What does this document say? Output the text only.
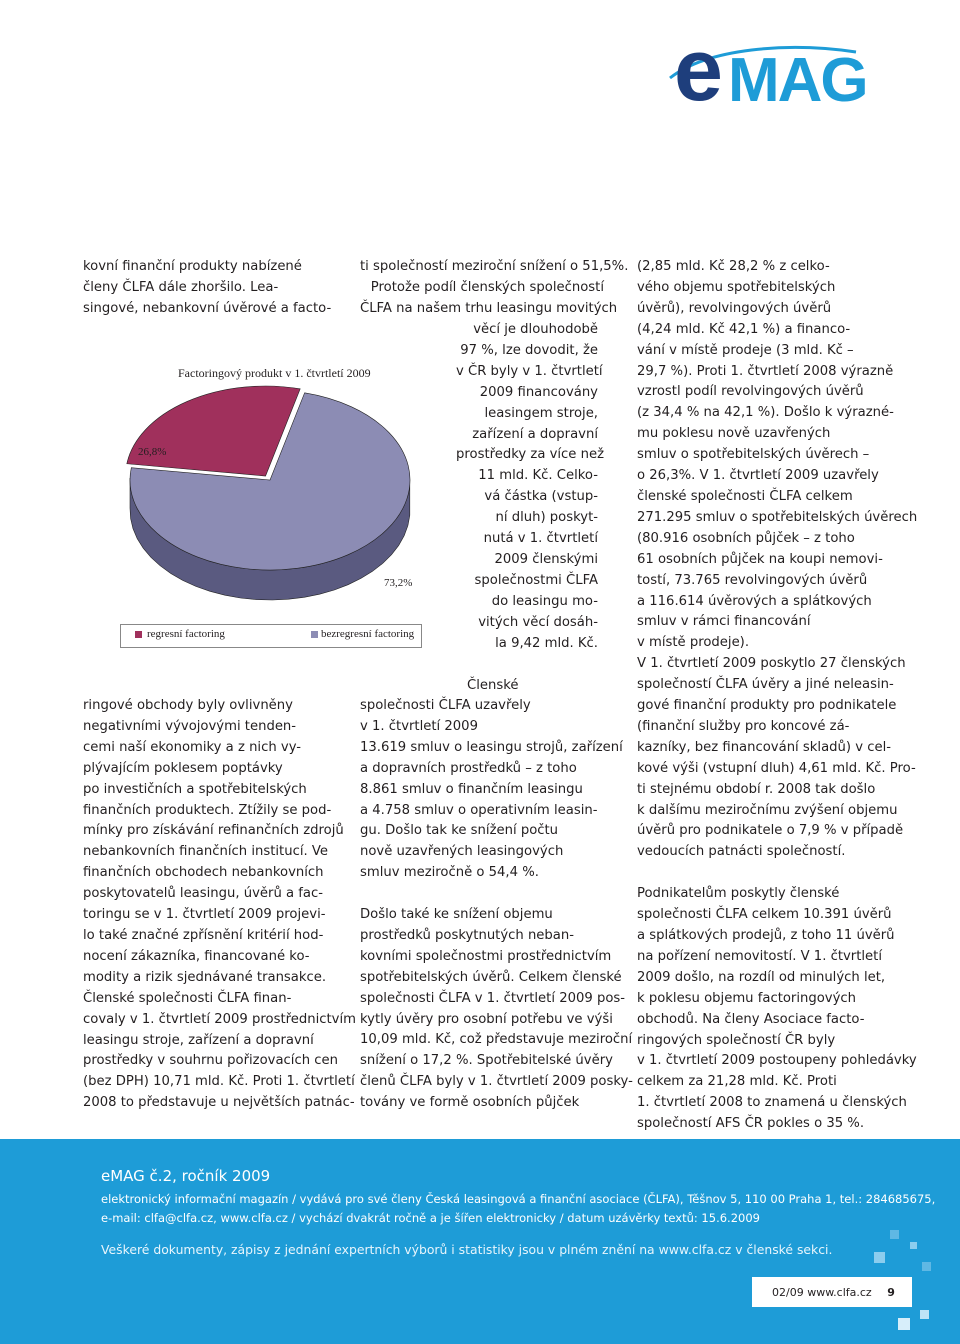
e MAG
kovní finanční produkty nabízené
členy ČLFA dále zhoršilo. Lea-
singové, nebankovní úvěrové a facto-
Factoringový produkt v 1. čtvrtletí 2009
26,8%
73,2%
regresní factoring	bezregresní factoring
ringové obchody byly ovlivněny
negativními vývojovými tenden-
cemi naší ekonomiky a z nich vy-
plývajícím poklesem poptávky
po investičních a spotřebitelských
finančních produktech. Ztížily se pod-
mínky pro získávání refinančních zdrojů
nebankovních finančních institucí. Ve
finančních obchodech nebankovních
poskytovatelů leasingu, úvěrů a fac-
toringu se v 1. čtvrtletí 2009 projevi-
lo také značné zpřísnění kritérií hod-
nocení zákazníka, financované ko-
modity a rizik sjednávané transakce.
Členské společnosti ČLFA finan-
covaly v 1. čtvrtletí 2009 prostřednictvím
leasingu stroje, zařízení a dopravní
prostředky v souhrnu pořizovacích cen
(bez DPH) 10,71 mld. Kč. Proti 1. čtvrtletí
2008 to představuje u největších patnác-
ti společností meziroční snížení o 51,5%.
Protože podíl členských společností
ČLFA na našem trhu leasingu movitých
věcí je dlouhodobě
97 %, lze dovodit, že
v ČR byly v 1. čtvrtletí
2009 financovány
leasingem stroje,
zařízení a dopravní
prostředky za více než
11 mld. Kč. Celko-
vá částka (vstup-
ní dluh) poskyt-
nutá v 1. čtvrtletí
2009 členskými
společnostmi ČLFA
do leasingu mo-
vitých věcí dosáh-
la 9,42 mld. Kč.
Členské
společnosti ČLFA uzavřely
v 1. čtvrtletí 2009
13.619 smluv o leasingu strojů, zařízení
a dopravních prostředků – z toho
8.861 smluv o finančním leasingu
a 4.758 smluv o operativním leasin-
gu. Došlo tak ke snížení počtu
nově uzavřených leasingových
smluv meziročně o 54,4 %.
Došlo také ke snížení objemu
prostředků poskytnutých neban-
kovními společnostmi prostřednictvím
spotřebitelských úvěrů. Celkem členské
společnosti ČLFA v 1. čtvrtletí 2009 pos-
kytly úvěry pro osobní potřebu ve výši
10,09 mld. Kč, což představuje meziroční
snížení o 17,2 %. Spotřebitelské úvěry
členů ČLFA byly v 1. čtvrtletí 2009 posky-
továny ve formě osobních půjček
(2,85 mld. Kč 28,2 % z celko-
vého objemu spotřebitelských
úvěrů), revolvingových úvěrů
(4,24 mld. Kč 42,1 %) a financo-
vání v místě prodeje (3 mld. Kč –
29,7 %). Proti 1. čtvrtletí 2008 výrazně
vzrostl podíl revolvingových úvěrů
(z 34,4 % na 42,1 %). Došlo k výrazné-
mu poklesu nově uzavřených
smluv o spotřebitelských úvěrech –
o 26,3%. V 1. čtvrtletí 2009 uzavřely
členské společnosti ČLFA celkem
271.295 smluv o spotřebitelských úvěrech
(80.916 osobních půjček – z toho
61 osobních půjček na koupi nemovi-
tostí, 73.765 revolvingových úvěrů
a 116.614 úvěrových a splátkových
smluv v rámci financování
v místě prodeje).
V 1. čtvrtletí 2009 poskytlo 27 členských
společností ČLFA úvěry a jiné neleasin-
gové finanční produkty pro podnikatele
(finanční služby pro koncové zá-
kazníky, bez financování skladů) v cel-
kové výši (vstupní dluh) 4,61 mld. Kč. Pro-
ti stejnému období r. 2008 tak došlo
k dalšímu meziročnímu zvýšení objemu
úvěrů pro podnikatele o 7,9 % v případě
vedoucích patnácti společností.
Podnikatelům poskytly členské
společnosti ČLFA celkem 10.391 úvěrů
a splátkových prodejů, z toho 11 úvěrů
na pořízení nemovitostí. V 1. čtvrtletí
2009 došlo, na rozdíl od minulých let,
k poklesu objemu factoringových
obchodů. Na členy Asociace facto-
ringových společností ČR byly
v 1. čtvrtletí 2009 postoupeny pohledávky
celkem za 21,28 mld. Kč. Proti
1. čtvrtletí 2008 to znamená u členských
společností AFS ČR pokles o 35 %.
eMAG č.2, ročník 2009
elektronický informační magazín / vydává pro své členy Česká leasingová a finanční asociace (ČLFA), Těšnov 5, 110 00 Praha 1, tel.: 284685675,
e-mail: clfa@clfa.cz, www.clfa.cz / vychází dvakrát ročně a je šířen elektronicky / datum uzávěrky textů: 15.6.2009
Veškeré dokumenty, zápisy z jednání expertních výborů i statistiky jsou v plném znění na www.clfa.cz v členské sekci.
02/09 www.clfa.cz 9
